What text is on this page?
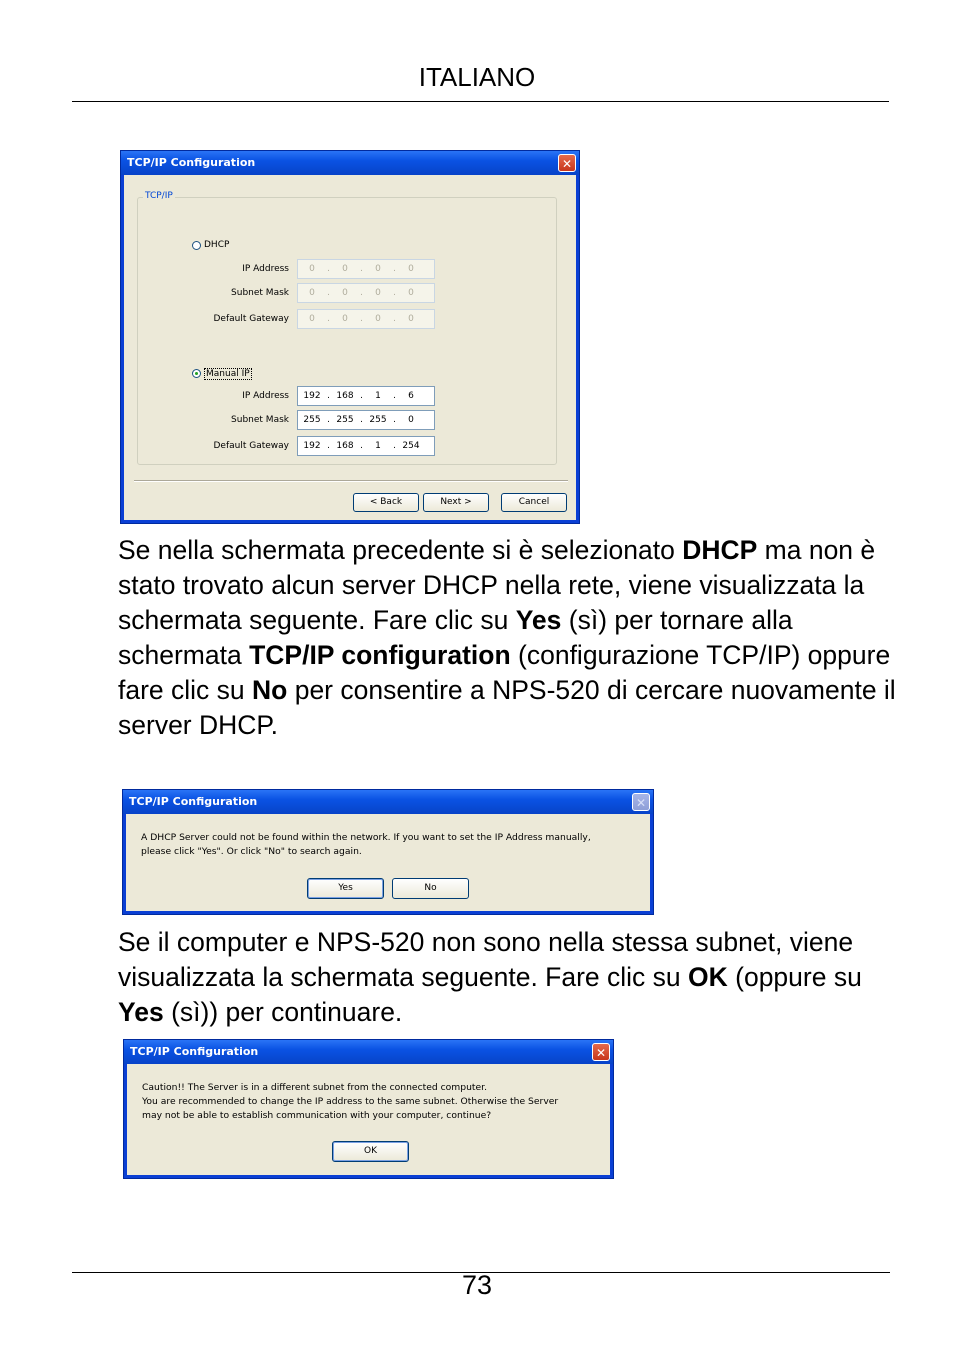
ITALIANO
TCP/IP Configuration	✕
TCP/IP
DHCP
IP Address	0	.	0	.	0	.	0
Subnet Mask	0	.	0	.	0	.	0
Default Gateway	0	.	0	.	0	.	0
Manual IP
IP Address	192 . 168 .	1	.	6
Subnet Mask	255 . 255 . 255 .	0
Default Gateway	192 . 168 .	1	. 254
< Back	Next >	Cancel

Se nella schermata precedente si è selezionato DHCP ma non è stato trovato alcun server DHCP nella rete, viene visualizzata la schermata seguente. Fare clic su Yes (sì) per tornare alla schermata TCP/IP configuration (configurazione TCP/IP) oppure fare clic su No per consentire a NPS-520 di cercare nuovamente il server DHCP.

TCP/IP Configuration	✕
A DHCP Server could not be found within the network. If you want to set the IP Address manually,
please click "Yes". Or click "No" to search again.
Yes	No

Se il computer e NPS-520 non sono nella stessa subnet, viene visualizzata la schermata seguente. Fare clic su OK (oppure su Yes (sì)) per continuare.

TCP/IP Configuration	✕
Caution!! The Server is in a different subnet from the connected computer.
You are recommended to change the IP address to the same subnet. Otherwise the Server
may not be able to establish communication with your computer, continue?
OK
73
